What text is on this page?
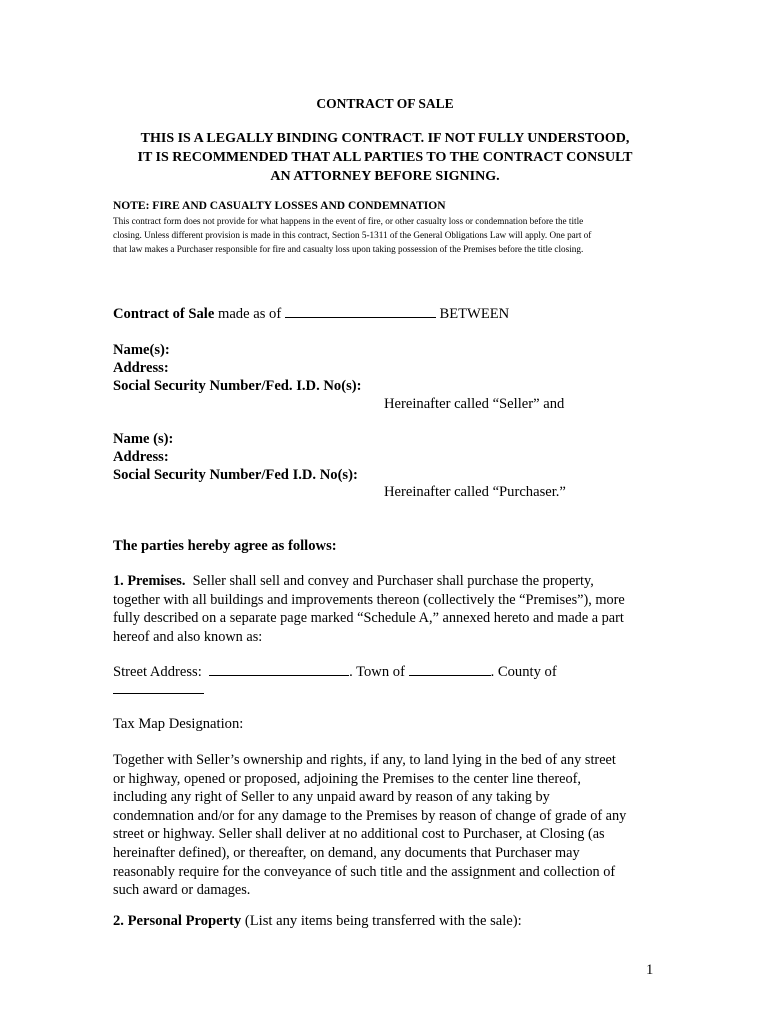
CONTRACT OF SALE
THIS IS A LEGALLY BINDING CONTRACT. IF NOT FULLY UNDERSTOOD,
IT IS RECOMMENDED THAT ALL PARTIES TO THE CONTRACT CONSULT
AN ATTORNEY BEFORE SIGNING.
NOTE: FIRE AND CASUALTY LOSSES AND CONDEMNATION
This contract form does not provide for what happens in the event of fire, or other casualty loss or condemnation before the title
closing. Unless different provision is made in this contract, Section 5-1311 of the General Obligations Law will apply. One part of
that law makes a Purchaser responsible for fire and casualty loss upon taking possession of the Premises before the title closing.
Contract of Sale made as of	BETWEEN
Name(s):
Address:
Social Security Number/Fed. I.D. No(s):
Hereinafter called “Seller” and
Name (s):
Address:
Social Security Number/Fed I.D. No(s):
Hereinafter called “Purchaser.”
The parties hereby agree as follows:
1. Premises.  Seller shall sell and convey and Purchaser shall purchase the property,
together with all buildings and improvements thereon (collectively the “Premises”), more
fully described on a separate page marked “Schedule A,” annexed hereto and made a part
hereof and also known as:
Street Address:	. Town of	. County of
Tax Map Designation:
Together with Seller’s ownership and rights, if any, to land lying in the bed of any street
or highway, opened or proposed, adjoining the Premises to the center line thereof,
including any right of Seller to any unpaid award by reason of any taking by
condemnation and/or for any damage to the Premises by reason of change of grade of any
street or highway. Seller shall deliver at no additional cost to Purchaser, at Closing (as
hereinafter defined), or thereafter, on demand, any documents that Purchaser may
reasonably require for the conveyance of such title and the assignment and collection of
such award or damages.
2. Personal Property (List any items being transferred with the sale):
1
